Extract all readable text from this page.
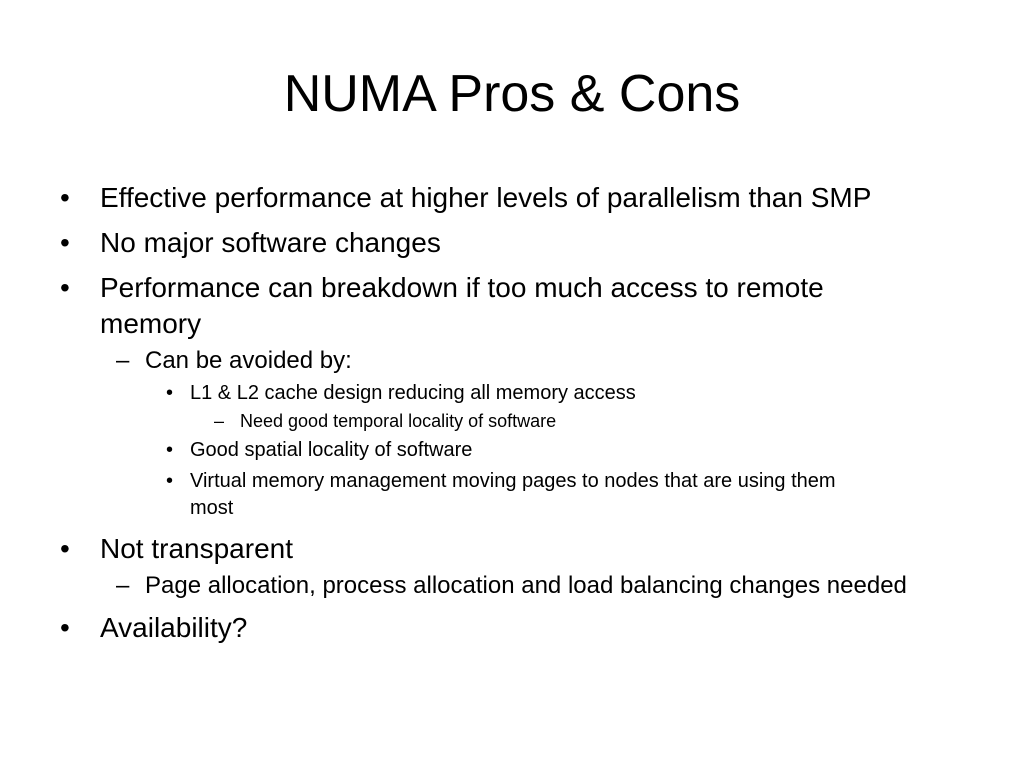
NUMA Pros & Cons
• Effective performance at higher levels of parallelism than SMP
• No major software changes
• Performance can breakdown if too much access to remote
memory
– Can be avoided by:
• L1 & L2 cache design reducing all memory access
– Need good temporal locality of software
• Good spatial locality of software
• Virtual memory management moving pages to nodes that are using them
most
• Not transparent
– Page allocation, process allocation and load balancing changes needed
• Availability?
